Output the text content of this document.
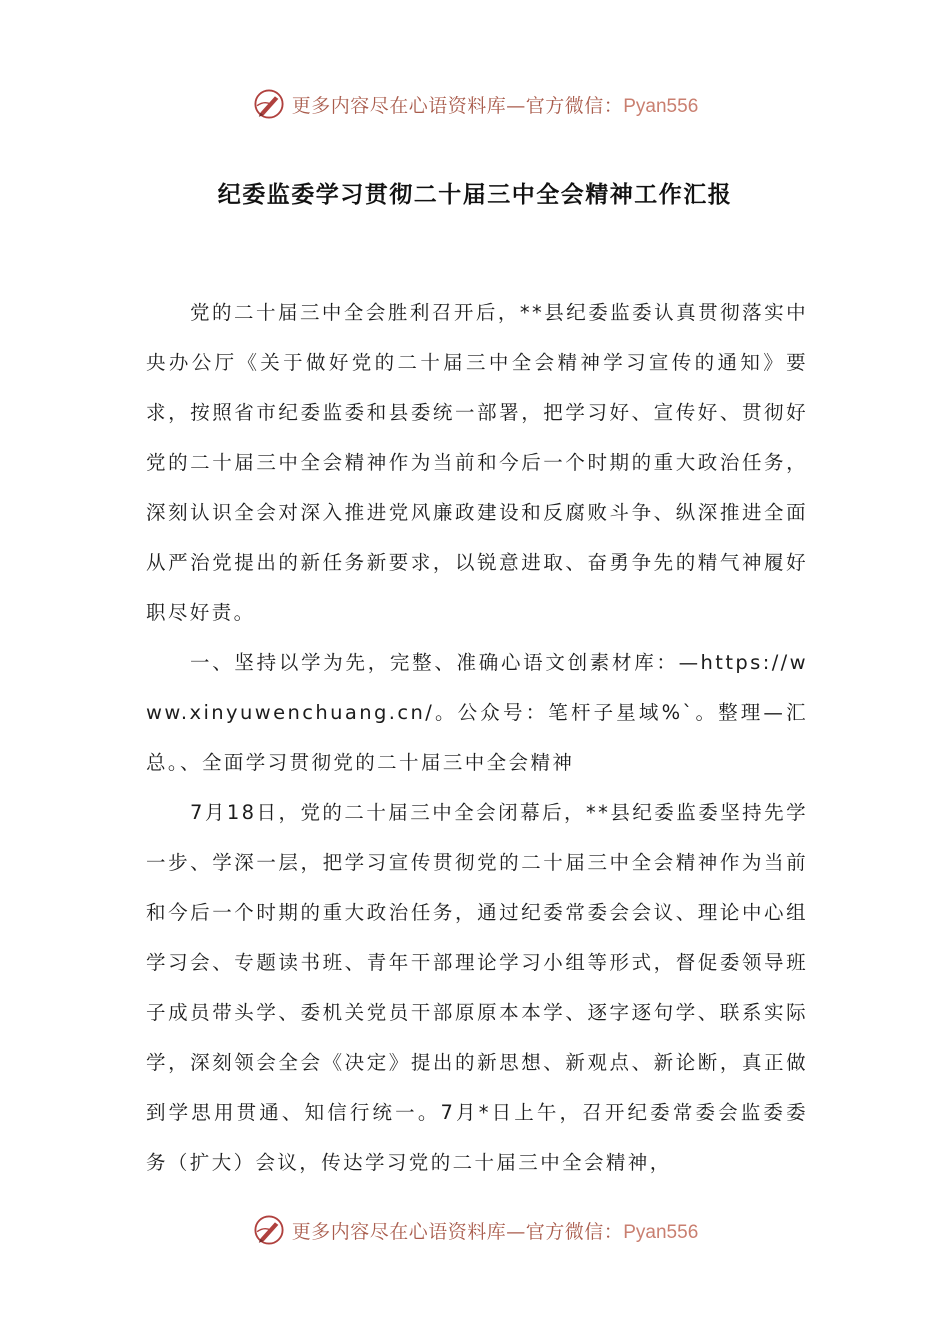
更多内容尽在心语资料库—官方微信：Pyan556
纪委监委学习贯彻二十届三中全会精神工作汇报

党的二十届三中全会胜利召开后，**县纪委监委认真贯彻落实中央办公厅《关于做好党的二十届三中全会精神学习宣传的通知》要求，按照省市纪委监委和县委统一部署，把学习好、宣传好、贯彻好党的二十届三中全会精神作为当前和今后一个时期的重大政治任务，深刻认识全会对深入推进党风廉政建设和反腐败斗争、纵深推进全面从严治党提出的新任务新要求，以锐意进取、奋勇争先的精气神履好职尽好责。

一、坚持以学为先，完整、准确心语文创素材库：—https://www.xinyuwenchuang.cn/。公众号：笔杆子星域%`。整理—汇总。、全面学习贯彻党的二十届三中全会精神

7月18日，党的二十届三中全会闭幕后，**县纪委监委坚持先学一步、学深一层，把学习宣传贯彻党的二十届三中全会精神作为当前和今后一个时期的重大政治任务，通过纪委常委会会议、理论中心组学习会、专题读书班、青年干部理论学习小组等形式，督促委领导班子成员带头学、委机关党员干部原原本本学、逐字逐句学、联系实际学，深刻领会全会《决定》提出的新思想、新观点、新论断，真正做到学思用贯通、知信行统一。7月*日上午，召开纪委常委会监委委务（扩大）会议，传达学习党的二十届三中全会精神，

更多内容尽在心语资料库—官方微信：Pyan556
